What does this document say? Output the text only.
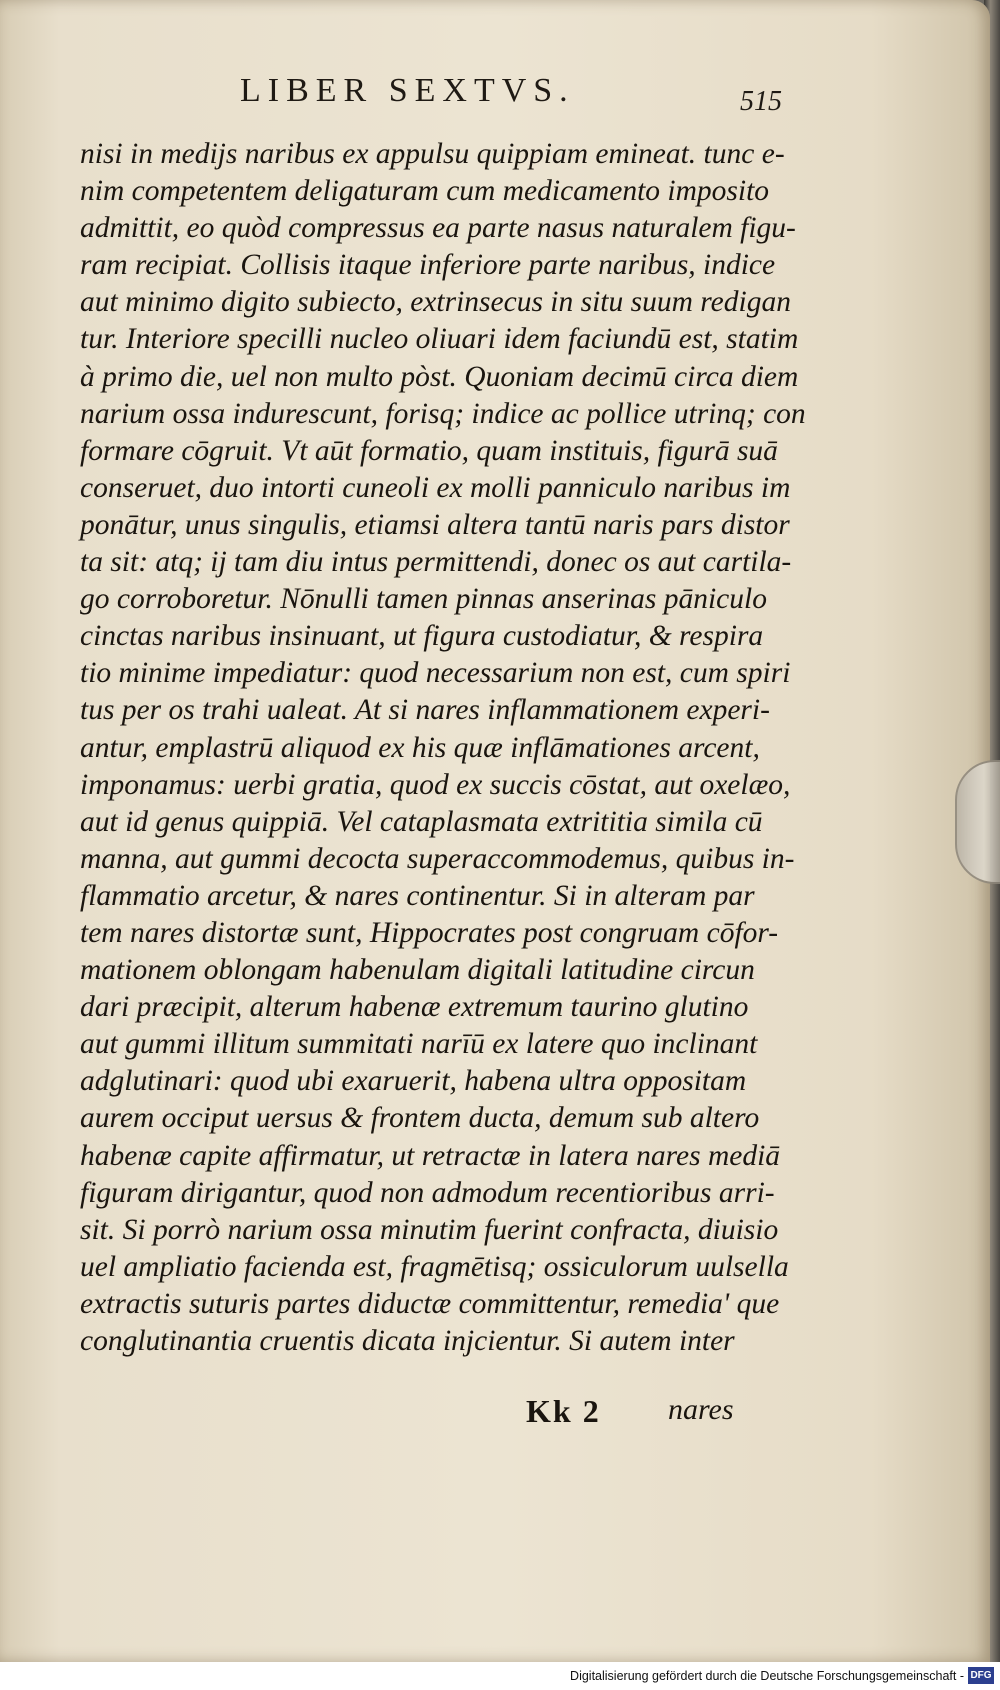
LIBER SEXTVS.	515
nisi in medijs naribus ex appulsu quippiam emineat. tunc e-
nim competentem deligaturam cum medicamento imposito
admittit, eo quòd compressus ea parte nasus naturalem figu-
ram recipiat. Collisis itaque inferiore parte naribus, indice
aut minimo digito subiecto, extrinsecus in situ suum redigan
tur. Interiore specilli nucleo oliuari idem faciundū est, statim
à primo die, uel non multo pòst. Quoniam decimū circa diem
narium ossa indurescunt, forisq; indice ac pollice utrinq; con
formare cōgruit. Vt aūt formatio, quam instituis, figurā suā
conseruet, duo intorti cuneoli ex molli panniculo naribus im
ponātur, unus singulis, etiamsi altera tantū naris pars distor
ta sit: atq; ij tam diu intus permittendi, donec os aut cartila-
go corroboretur. Nōnulli tamen pinnas anserinas pāniculo
cinctas naribus insinuant, ut figura custodiatur, & respira
tio minime impediatur: quod necessarium non est, cum spiri
tus per os trahi ualeat. At si nares inflammationem experi-
antur, emplastrū aliquod ex his quæ inflāmationes arcent,
imponamus: uerbi gratia, quod ex succis cōstat, aut oxelæo,
aut id genus quippiā. Vel cataplasmata extrititia simila cū
manna, aut gummi decocta superaccommodemus, quibus in-
flammatio arcetur, & nares continentur. Si in alteram par
tem nares distortæ sunt, Hippocrates post congruam cōfor-
mationem oblongam habenulam digitali latitudine circun
dari præcipit, alterum habenæ extremum taurino glutino
aut gummi illitum summitati narīū ex latere quo inclinant
adglutinari: quod ubi exaruerit, habena ultra oppositam
aurem occiput uersus & frontem ducta, demum sub altero
habenæ capite affirmatur, ut retractæ in latera nares mediā
figuram dirigantur, quod non admodum recentioribus arri-
sit. Si porrò narium ossa minutim fuerint confracta, diuisio
uel ampliatio facienda est, fragmētisq; ossiculorum uulsella
extractis suturis partes diductæ committentur, remedia' que
conglutinantia cruentis dicata injcientur. Si autem inter
Kk 2 nares
Digitalisierung gefördert durch die Deutsche Forschungsgemeinschaft - DFG
